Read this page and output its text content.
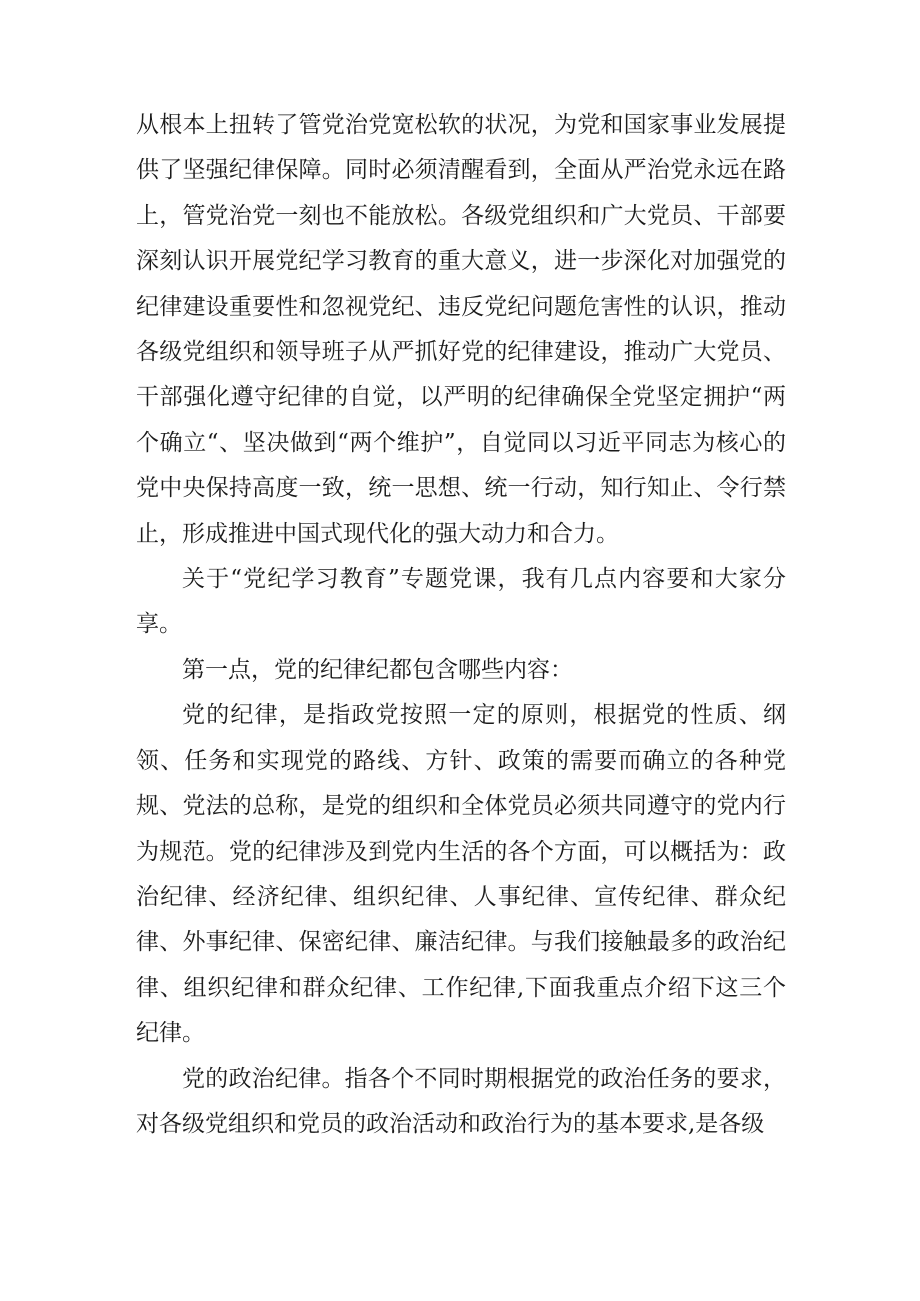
从根本上扭转了管党治党宽松软的状况，为党和国家事业发展提供了坚强纪律保障。同时必须清醒看到，全面从严治党永远在路上，管党治党一刻也不能放松。各级党组织和广大党员、干部要深刻认识开展党纪学习教育的重大意义，进一步深化对加强党的纪律建设重要性和忽视党纪、违反党纪问题危害性的认识，推动各级党组织和领导班子从严抓好党的纪律建设，推动广大党员、干部强化遵守纪律的自觉，以严明的纪律确保全党坚定拥护“两个确立“、坚决做到“两个维护”，自觉同以习近平同志为核心的党中央保持高度一致，统一思想、统一行动，知行知止、令行禁止，形成推进中国式现代化的强大动力和合力。

关于“党纪学习教育”专题党课，我有几点内容要和大家分享。

第一点，党的纪律纪都包含哪些内容：

党的纪律，是指政党按照一定的原则，根据党的性质、纲领、任务和实现党的路线、方针、政策的需要而确立的各种党规、党法的总称，是党的组织和全体党员必须共同遵守的党内行为规范。党的纪律涉及到党内生活的各个方面，可以概括为：政治纪律、经济纪律、组织纪律、人事纪律、宣传纪律、群众纪律、外事纪律、保密纪律、廉洁纪律。与我们接触最多的政治纪律、组织纪律和群众纪律、工作纪律,下面我重点介绍下这三个纪律。

党的政治纪律。指各个不同时期根据党的政治任务的要求，对各级党组织和党员的政治活动和政治行为的基本要求,是各级
